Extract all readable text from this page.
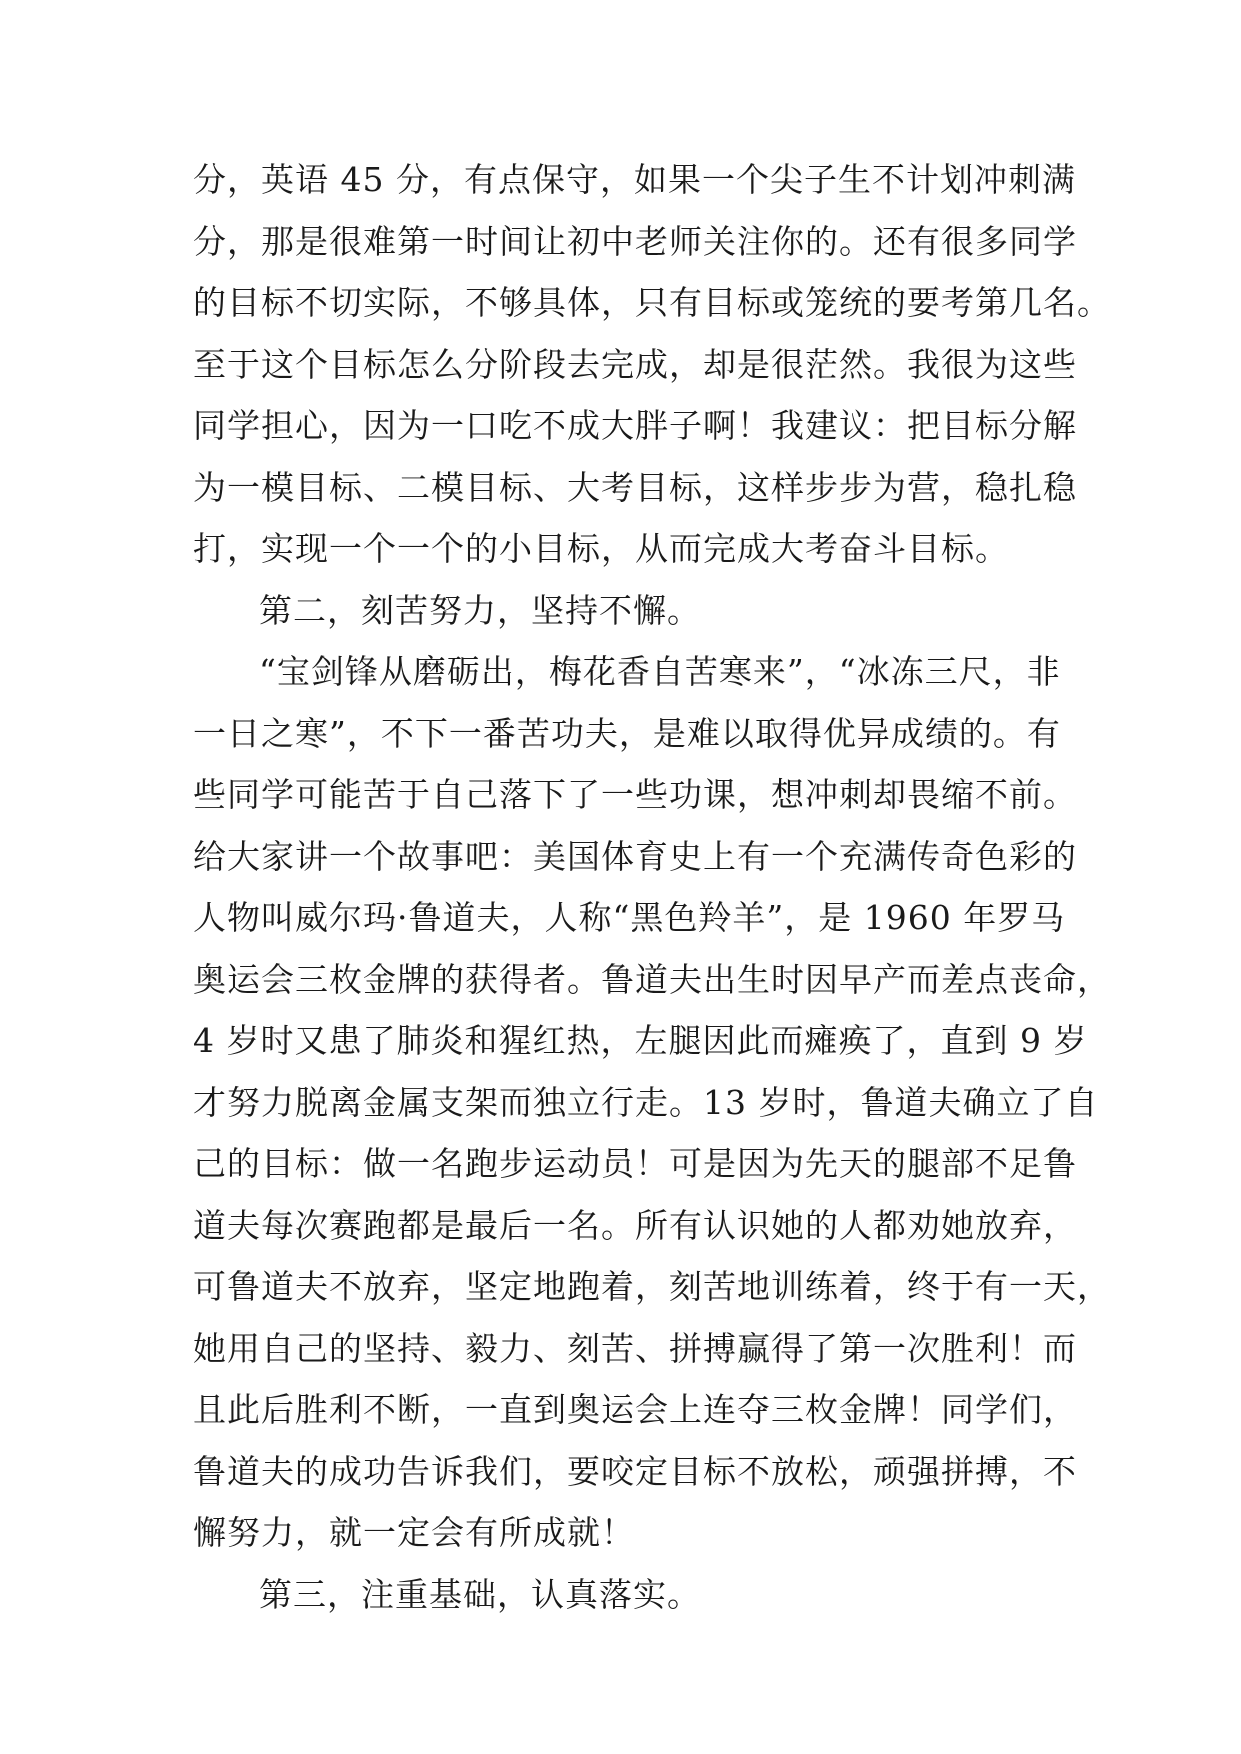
分，英语 45 分，有点保守，如果一个尖子生不计划冲刺满
分，那是很难第一时间让初中老师关注你的。还有很多同学
的目标不切实际，不够具体，只有目标或笼统的要考第几名。
至于这个目标怎么分阶段去完成，却是很茫然。我很为这些
同学担心，因为一口吃不成大胖子啊！我建议：把目标分解
为一模目标、二模目标、大考目标，这样步步为营，稳扎稳
打，实现一个一个的小目标，从而完成大考奋斗目标。
第二，刻苦努力，坚持不懈。
“宝剑锋从磨砺出，梅花香自苦寒来”，“冰冻三尺，非
一日之寒”，不下一番苦功夫，是难以取得优异成绩的。有
些同学可能苦于自己落下了一些功课，想冲刺却畏缩不前。
给大家讲一个故事吧：美国体育史上有一个充满传奇色彩的
人物叫威尔玛·鲁道夫，人称“黑色羚羊”，是 1960 年罗马
奥运会三枚金牌的获得者。鲁道夫出生时因早产而差点丧命，
4 岁时又患了肺炎和猩红热，左腿因此而瘫痪了，直到 9 岁
才努力脱离金属支架而独立行走。13 岁时，鲁道夫确立了自
己的目标：做一名跑步运动员！可是因为先天的腿部不足鲁
道夫每次赛跑都是最后一名。所有认识她的人都劝她放弃，
可鲁道夫不放弃，坚定地跑着，刻苦地训练着，终于有一天，
她用自己的坚持、毅力、刻苦、拼搏赢得了第一次胜利！而
且此后胜利不断，一直到奥运会上连夺三枚金牌！同学们，
鲁道夫的成功告诉我们，要咬定目标不放松，顽强拼搏，不
懈努力，就一定会有所成就！
第三，注重基础，认真落实。
